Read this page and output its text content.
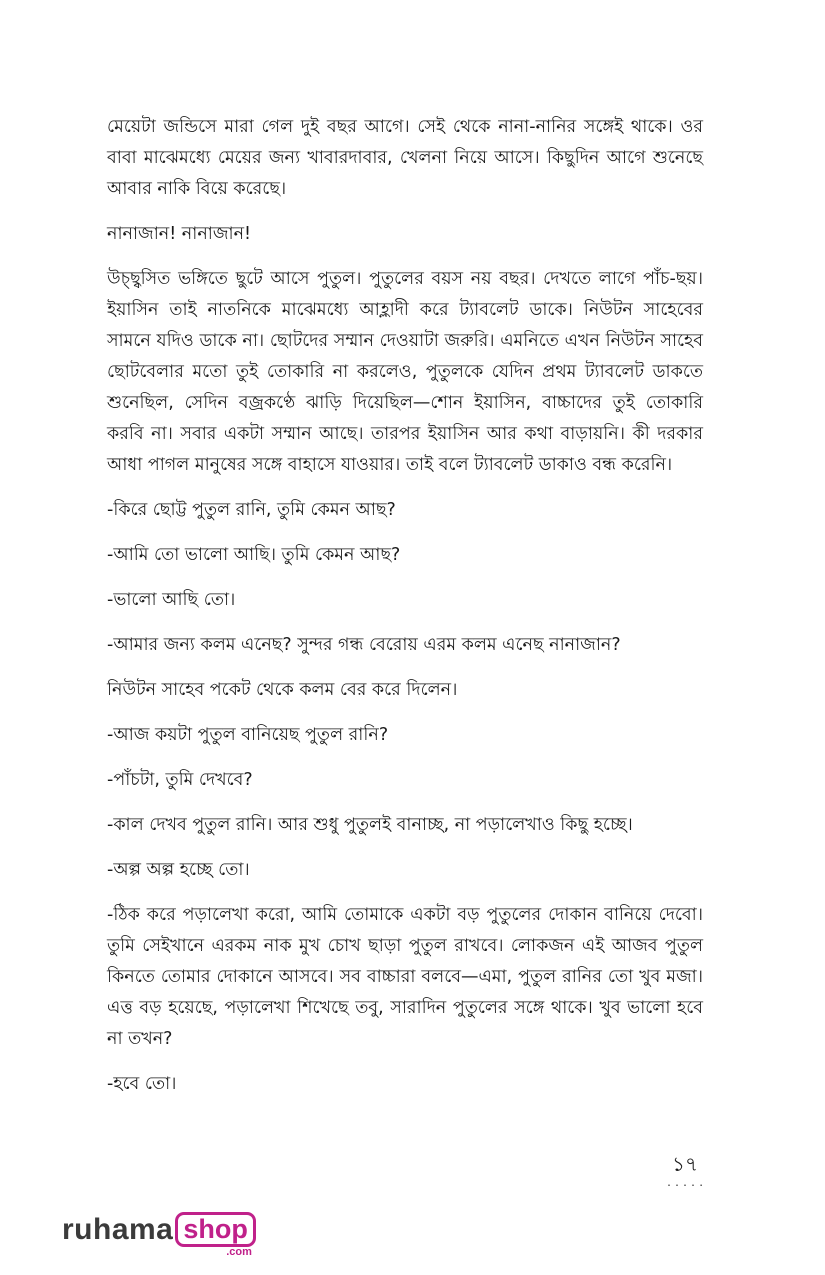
মেয়েটা জন্ডিসে মারা গেল দুই বছর আগে। সেই থেকে নানা-নানির সঙ্গেই থাকে। ওর বাবা মাঝেমধ্যে মেয়ের জন্য খাবারদাবার, খেলনা নিয়ে আসে। কিছুদিন আগে শুনেছে আবার নাকি বিয়ে করেছে।

নানাজান! নানাজান!

উচ্ছ্বসিত ভঙ্গিতে ছুটে আসে পুতুল। পুতুলের বয়স নয় বছর। দেখতে লাগে পাঁচ-ছয়। ইয়াসিন তাই নাতনিকে মাঝেমধ্যে আহ্লাদী করে ট্যাবলেট ডাকে। নিউটন সাহেবের সামনে যদিও ডাকে না। ছোটদের সম্মান দেওয়াটা জরুরি। এমনিতে এখন নিউটন সাহেব ছোটবেলার মতো তুই তোকারি না করলেও, পুতুলকে যেদিন প্রথম ট্যাবলেট ডাকতে শুনেছিল, সেদিন বজ্রকণ্ঠে ঝাড়ি দিয়েছিল—শোন ইয়াসিন, বাচ্চাদের তুই তোকারি করবি না। সবার একটা সম্মান আছে। তারপর ইয়াসিন আর কথা বাড়ায়নি। কী দরকার আধা পাগল মানুষের সঙ্গে বাহাসে যাওয়ার। তাই বলে ট্যাবলেট ডাকাও বন্ধ করেনি।

-কিরে ছোট্ট পুতুল রানি, তুমি কেমন আছ?

-আমি তো ভালো আছি। তুমি কেমন আছ?

-ভালো আছি তো।

-আমার জন্য কলম এনেছ? সুন্দর গন্ধ বেরোয় এরম কলম এনেছ নানাজান?

নিউটন সাহেব পকেট থেকে কলম বের করে দিলেন।

-আজ কয়টা পুতুল বানিয়েছ পুতুল রানি?

-পাঁচটা, তুমি দেখবে?

-কাল দেখব পুতুল রানি। আর শুধু পুতুলই বানাচ্ছ, না পড়ালেখাও কিছু হচ্ছে।

-অল্প অল্প হচ্ছে তো।

-ঠিক করে পড়ালেখা করো, আমি তোমাকে একটা বড় পুতুলের দোকান বানিয়ে দেবো। তুমি সেইখানে এরকম নাক মুখ চোখ ছাড়া পুতুল রাখবে। লোকজন এই আজব পুতুল কিনতে তোমার দোকানে আসবে। সব বাচ্চারা বলবে—এমা, পুতুল রানির তো খুব মজা। এত্ত বড় হয়েছে, পড়ালেখা শিখেছে তবু, সারাদিন পুতুলের সঙ্গে থাকে। খুব ভালো হবে না তখন?

-হবে তো।

১৭
.....
ruhama shop
.com
